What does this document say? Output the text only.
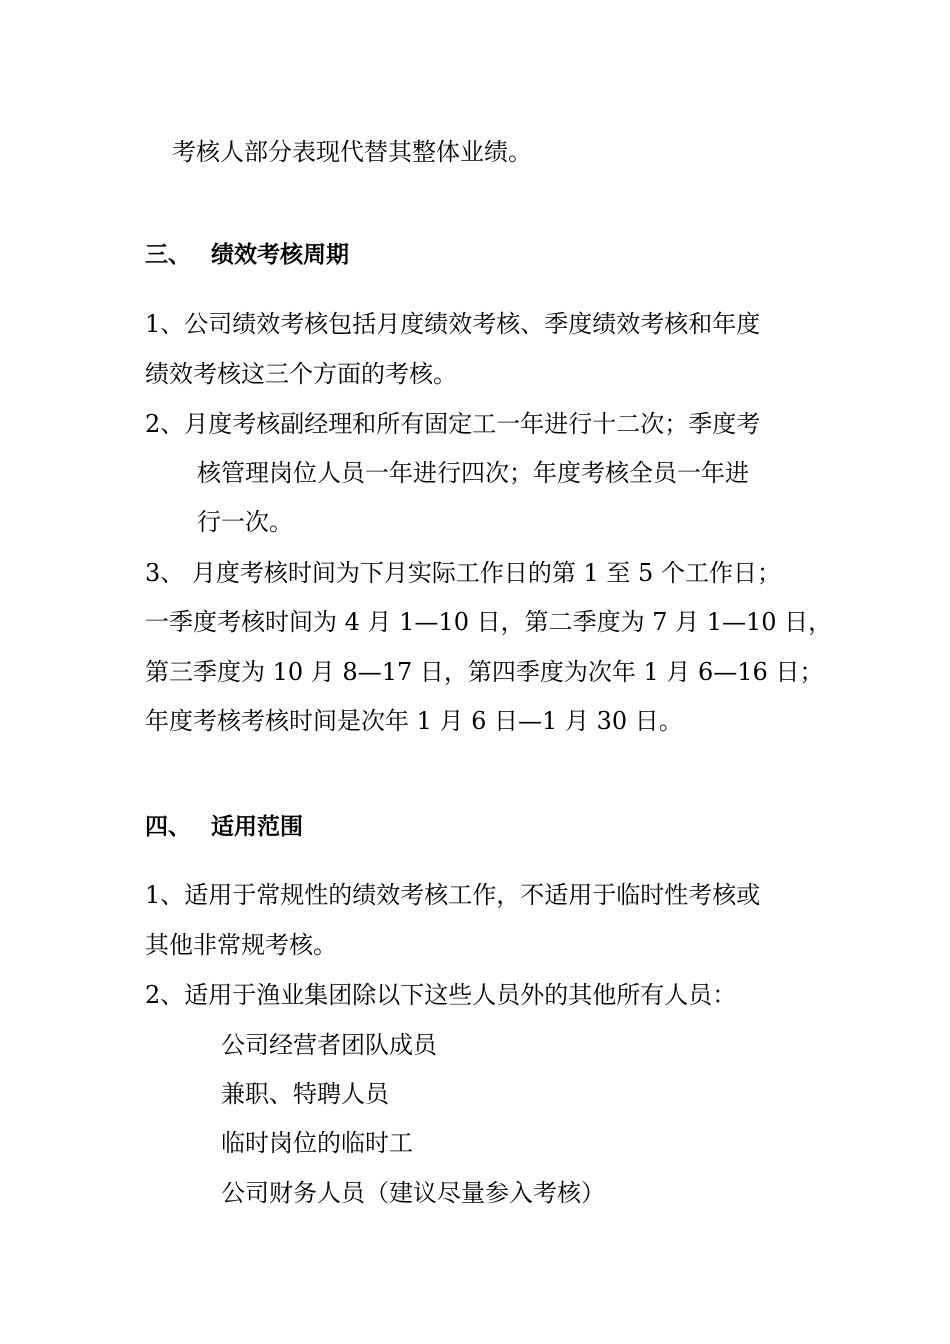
考核人部分表现代替其整体业绩。
三、 绩效考核周期
1、公司绩效考核包括月度绩效考核、季度绩效考核和年度
绩效考核这三个方面的考核。
2、月度考核副经理和所有固定工一年进行十二次；季度考
核管理岗位人员一年进行四次；年度考核全员一年进
行一次。
3、 月度考核时间为下月实际工作日的第 1 至 5 个工作日；
一季度考核时间为 4 月 1—10 日，第二季度为 7 月 1—10 日，
第三季度为 10 月 8—17 日，第四季度为次年 1 月 6—16 日；
年度考核考核时间是次年 1 月 6 日—1 月 30 日。
四、 适用范围
1、适用于常规性的绩效考核工作，不适用于临时性考核或
其他非常规考核。
2、适用于渔业集团除以下这些人员外的其他所有人员：
公司经营者团队成员
兼职、特聘人员
临时岗位的临时工
公司财务人员（建议尽量参入考核）
